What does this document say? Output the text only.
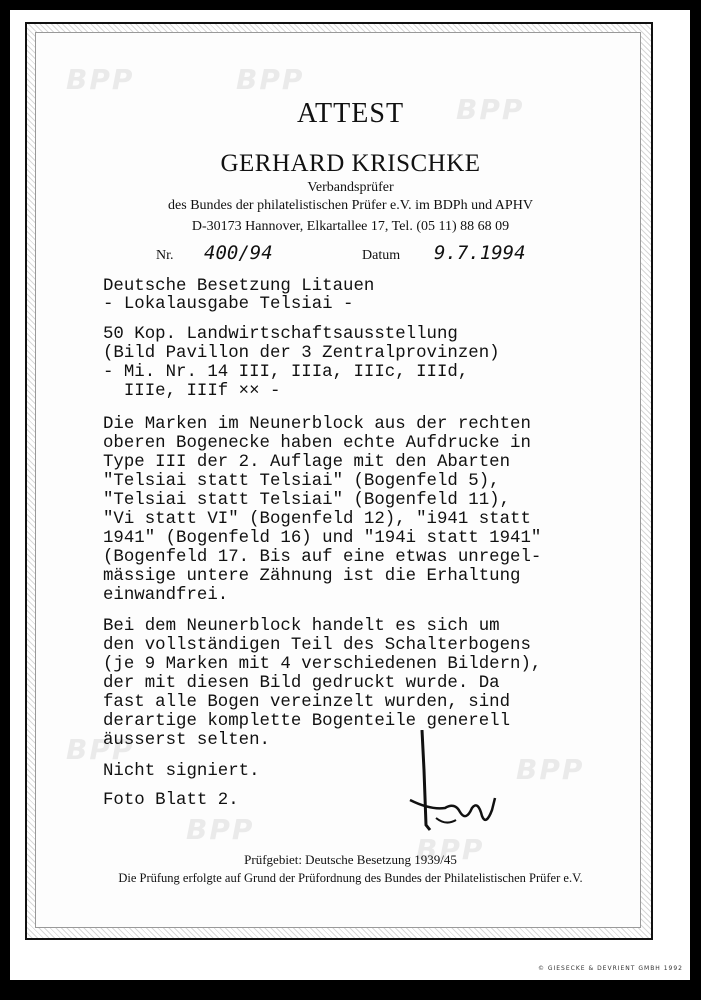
BPP	BPP
BPP
BPP
BPP
BPP
BPP
ATTEST
GERHARD KRISCHKE
Verbandsprüfer
des Bundes der philatelistischen Prüfer e.V. im BDPh und APHV
D-30173 Hannover, Elkartallee 17, Tel. (05 11) 88 68 09
Nr. 400/94	Datum 9.7.1994
Deutsche Besetzung Litauen
- Lokalausgabe Telsiai -
50 Kop. Landwirtschaftsausstellung
(Bild Pavillon der 3 Zentralprovinzen)
- Mi. Nr. 14 III, IIIa, IIIc, IIId,
IIIe, IIIf ×× -
Die Marken im Neunerblock aus der rechten
oberen Bogenecke haben echte Aufdrucke in
Type III der 2. Auflage mit den Abarten
"Telsiai statt Telsiai" (Bogenfeld 5),
"Telsiai statt Telsiai" (Bogenfeld 11),
"Vi statt VI" (Bogenfeld 12), "i941 statt
1941" (Bogenfeld 16) und "194i statt 1941"
(Bogenfeld 17. Bis auf eine etwas unregel-
mässige untere Zähnung ist die Erhaltung
einwandfrei.
Bei dem Neunerblock handelt es sich um
den vollständigen Teil des Schalterbogens
(je 9 Marken mit 4 verschiedenen Bildern),
der mit diesen Bild gedruckt wurde. Da
fast alle Bogen vereinzelt wurden, sind
derartige komplette Bogenteile generell
äusserst selten.
Nicht signiert.
Foto Blatt 2.
Prüfgebiet: Deutsche Besetzung 1939/45
Die Prüfung erfolgte auf Grund der Prüfordnung des Bundes der Philatelistischen Prüfer e.V.
© GIESECKE & DEVRIENT GMBH 1992
